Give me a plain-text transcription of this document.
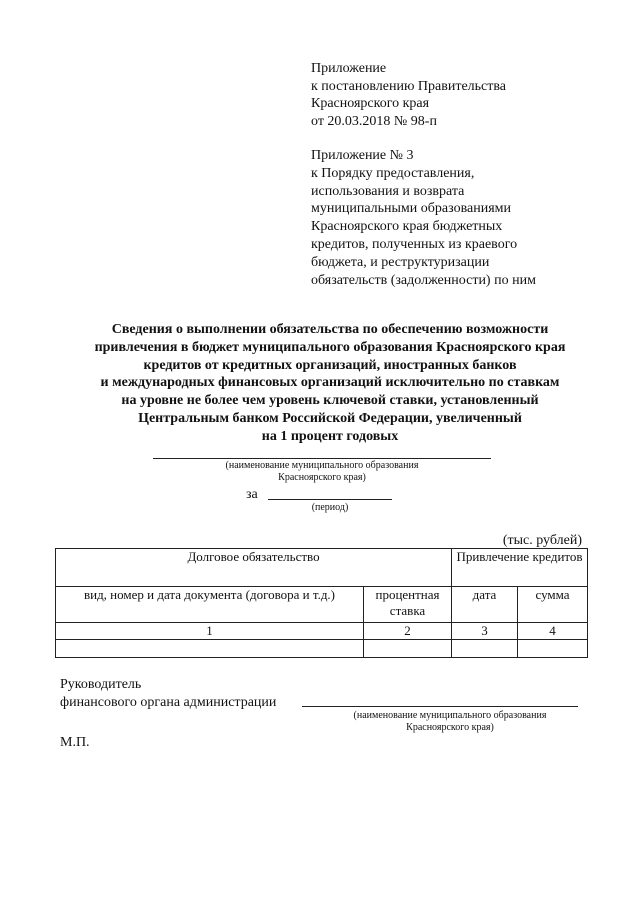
Приложение
к постановлению Правительства
Красноярского края
от 20.03.2018 № 98-п
Приложение № 3
к Порядку предоставления,
использования и возврата
муниципальными образованиями
Красноярского края бюджетных
кредитов, полученных из краевого
бюджета, и реструктуризации
обязательств (задолженности) по ним
Сведения о выполнении обязательства по обеспечению возможности
привлечения в бюджет муниципального образования Красноярского края
кредитов от кредитных организаций, иностранных банков
и международных финансовых организаций исключительно по ставкам
на уровне не более чем уровень ключевой ставки, установленный
Центральным банком Российской Федерации, увеличенный
на 1 процент годовых
(наименование муниципального образования
Красноярского края)
за
(период)
(тыс. рублей)
Долговое обязательство		Привлечение кредитов	
вид, номер и дата документа (договора и т.д.)	процентная ставка	дата	сумма
1	2	3	4

Руководитель
финансового органа администрации
(наименование муниципального образования
Красноярского края)
М.П.
